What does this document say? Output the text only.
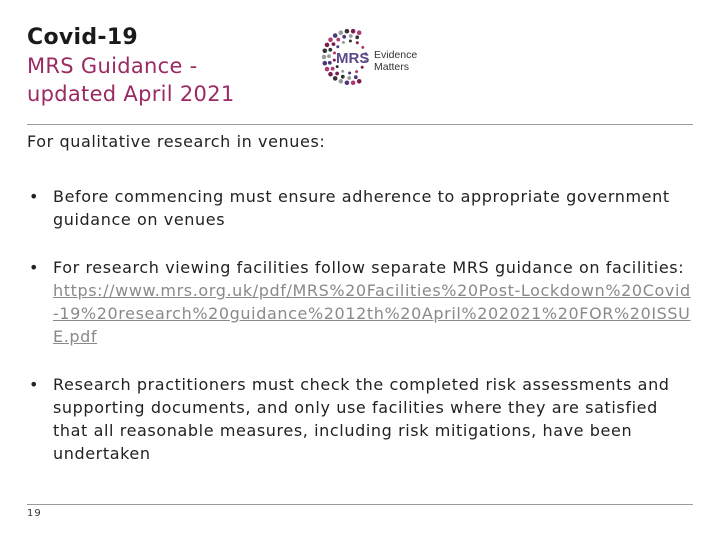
Covid-19
MRS Guidance -
updated April 2021
MRS Evidence
Matters
For qualitative research in venues:
• Before commencing must ensure adherence to appropriate government guidance on venues
• For research viewing facilities follow separate MRS guidance on facilities: https://www.mrs.org.uk/pdf/MRS%20Facilities%20Post-Lockdown%20Covid-19%20research%20guidance%2012th%20April%202021%20FOR%20ISSUE.pdf
• Research practitioners must check the completed risk assessments and supporting documents, and only use facilities where they are satisfied that all reasonable measures, including risk mitigations, have been undertaken
19
